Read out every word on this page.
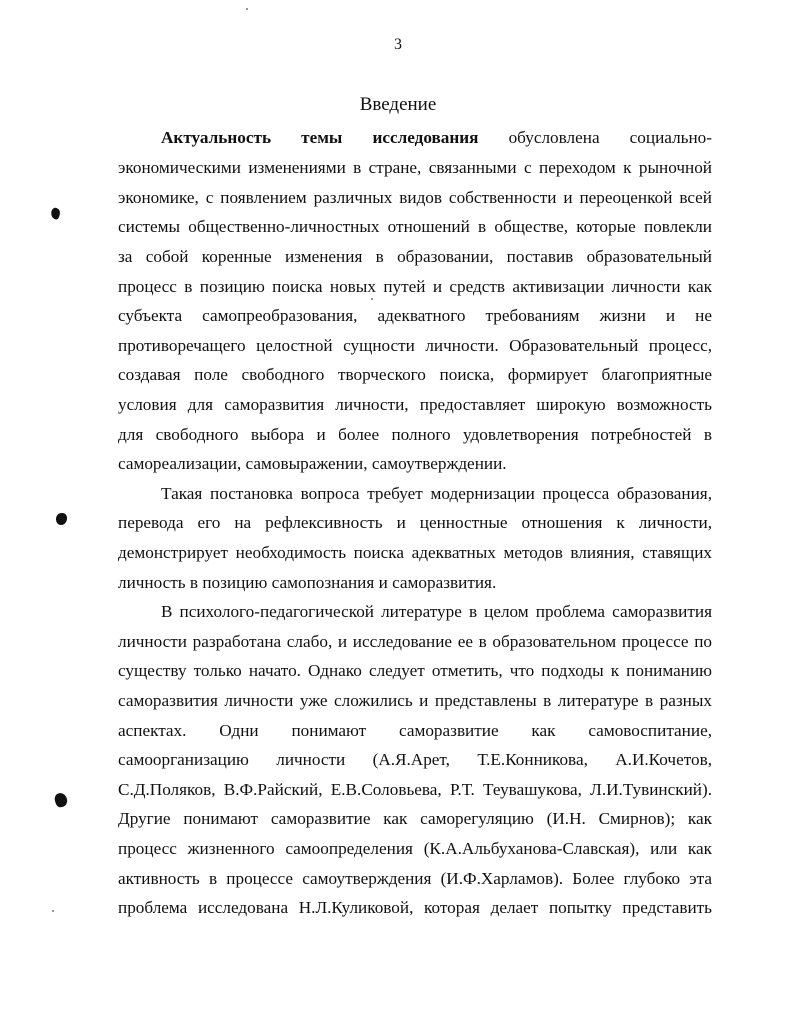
3
Введение
Актуальность темы исследования обусловлена социально-
экономическими изменениями в стране, связанными с переходом к рыночной
экономике, с появлением различных видов собственности и переоценкой всей
системы общественно-личностных отношений в обществе, которые повлекли
за собой коренные изменения в образовании, поставив образовательный
процесс в позицию поиска новых путей и средств активизации личности как
субъекта самопреобразования, адекватного требованиям жизни и не
противоречащего целостной сущности личности. Образовательный процесс,
создавая поле свободного творческого поиска, формирует благоприятные
условия для саморазвития личности, предоставляет широкую возможность
для свободного выбора и более полного удовлетворения потребностей в
самореализации, самовыражении, самоутверждении.
Такая постановка вопроса требует модернизации процесса образования,
перевода его на рефлексивность и ценностные отношения к личности,
демонстрирует необходимость поиска адекватных методов влияния, ставящих
личность в позицию самопознания и саморазвития.
В психолого-педагогической литературе в целом проблема саморазвития
личности разработана слабо, и исследование ее в образовательном процессе по
существу только начато. Однако следует отметить, что подходы к пониманию
саморазвития личности уже сложились и представлены в литературе в разных
аспектах. Одни понимают саморазвитие как самовоспитание,
самоорганизацию личности (А.Я.Арет, Т.Е.Конникова, А.И.Кочетов,
С.Д.Поляков, В.Ф.Райский, Е.В.Соловьева, Р.Т. Теувашукова, Л.И.Тувинский).
Другие понимают саморазвитие как саморегуляцию (И.Н. Смирнов); как
процесс жизненного самоопределения (К.А.Альбуханова-Славская), или как
активность в процессе самоутверждения (И.Ф.Харламов). Более глубоко эта
проблема исследована Н.Л.Куликовой, которая делает попытку представить
